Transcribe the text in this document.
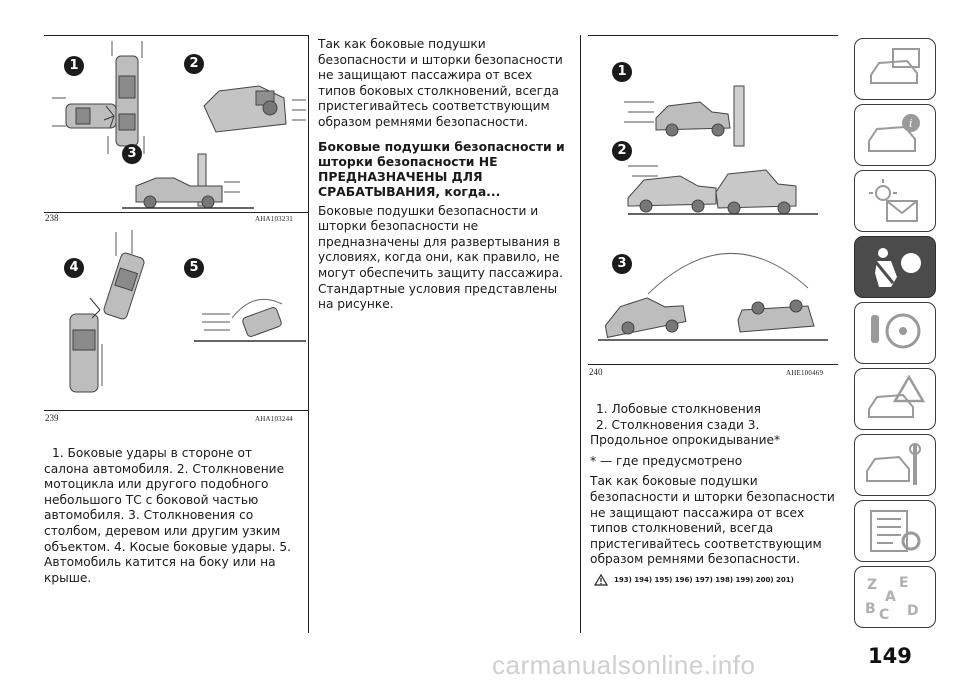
1	2
3
238	AHA103231
4	5
239	AHA103244

1. Боковые удары в стороне от салона автомобиля. 2. Столкновение мотоцикла или другого подобного небольшого ТС с боковой частью автомобиля. 3. Столкновения со столбом, деревом или другим узким объектом. 4. Косые боковые удары. 5. Автомобиль катится на боку или на крыше.

Так как боковые подушки безопасности и шторки безопасности не защищают пассажира от всех типов боковых столкновений, всегда пристегивайтесь соответствующим образом ремнями безопасности.

Боковые подушки безопасности и шторки безопасности НЕ ПРЕДНАЗНАЧЕНЫ ДЛЯ СРАБАТЫВАНИЯ, когда...

Боковые подушки безопасности и шторки безопасности не предназначены для развертывания в условиях, когда они, как правило, не могут обеспечить защиту пассажира. Стандартные условия представлены на рисунке.

1
2
3
240	AHE100469

1. Лобовые столкновения

2. Столкновения сзади 3. Продольное опрокидывание*

* — где предусмотрено

Так как боковые подушки безопасности и шторки безопасности не защищают пассажира от всех типов столкновений, всегда пристегивайтесь соответствующим образом ремнями безопасности.

193) 194) 195) 196) 197) 198) 199) 200) 201)
i
Z E
A
B C D
carmanualsonline.info	149
